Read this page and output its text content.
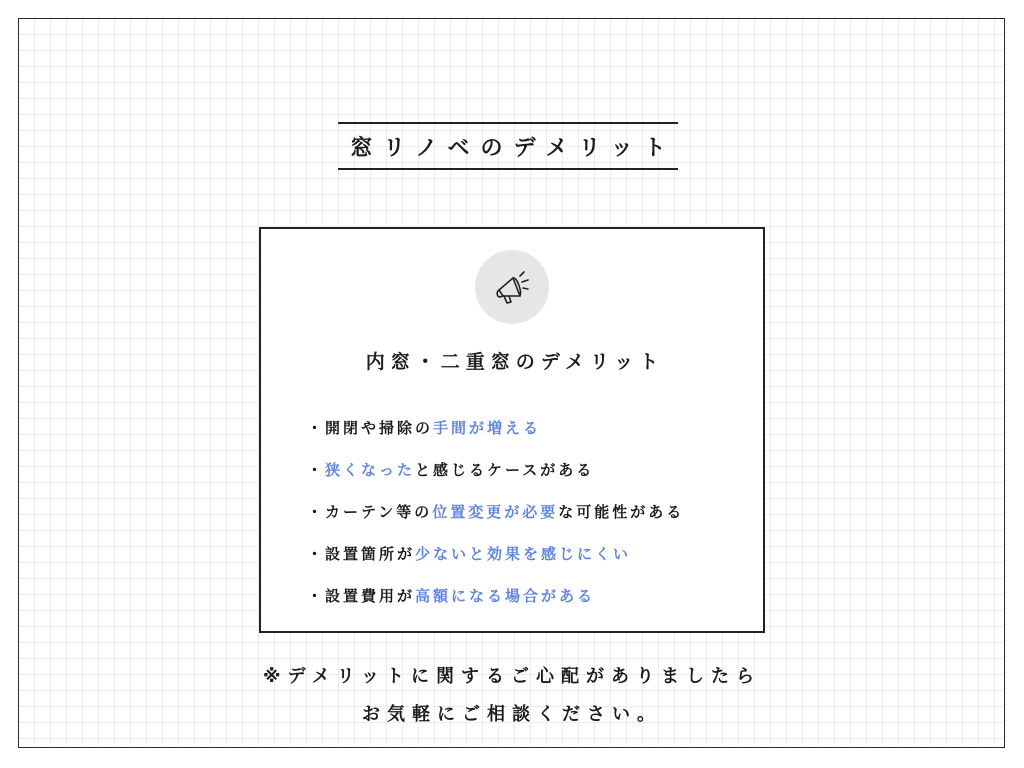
窓リノベのデメリット
内窓・二重窓のデメリット
・開閉や掃除の手間が増える
・狭くなったと感じるケースがある
・カーテン等の位置変更が必要な可能性がある
・設置箇所が少ないと効果を感じにくい
・設置費用が高額になる場合がある
※デメリットに関するご心配がありましたら
お気軽にご相談ください。
